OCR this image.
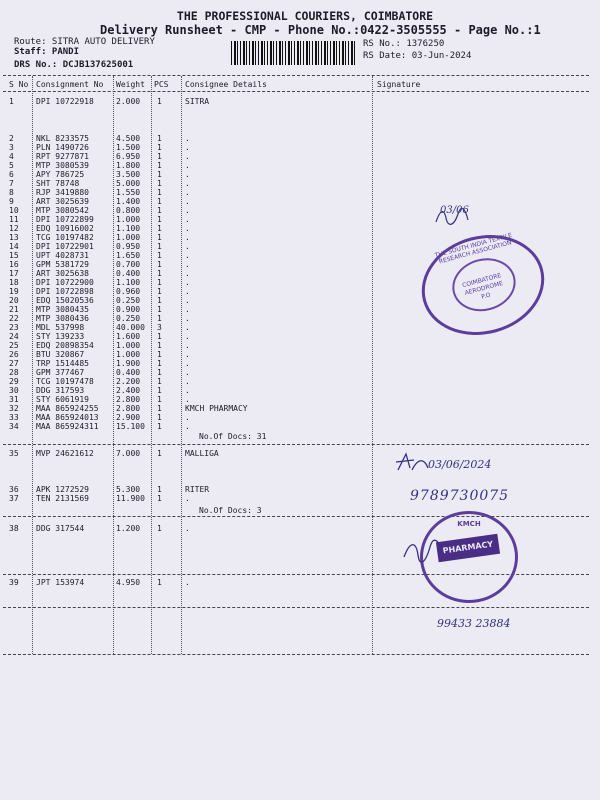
THE PROFESSIONAL COURIERS, COIMBATORE
Delivery Runsheet - CMP - Phone No.:0422-3505555 - Page No.:1
Route: SITRA AUTO DELIVERY
Staff: PANDI
DRS No.: DCJB137625001
RS No.: 1376250
RS Date: 03-Jun-2024
S No Consignment No Weight PCS Consignee Details	Signature
1	DPI 10722918	2.000 1	SITRA
2	NKL 8233575	4.500 1	.
3	PLN 1490726	1.500 1	.
4	RPT 9277871	6.950 1	.
5	MTP 3080539	1.800 1	.
6	APY 786725	3.500 1	.
7	SHT 78748	5.000 1	.
8	RJP 3419880	1.550 1	.
9	ART 3025639	1.400 1	.
10 MTP 3080542	0.800 1	.
11 DPI 10722899	1.000 1	.
12 EDQ 10916002	1.100 1	.
13 TCG 10197482	1.000 1	.
14 DPI 10722901	0.950 1	.
15 UPT 4028731	1.650 1	.
16 GPM 5381729	0.700 1	.
17 ART 3025638	0.400 1	.
18 DPI 10722900	1.100 1	.
19 DPI 10722898	0.960 1	.
20 EDQ 15020536	0.250 1	.
21 MTP 3080435	0.900 1	.
22 MTP 3080436	0.250 1	.
23 MDL 537998	40.000 3	.
24 STY 139233	1.600 1	.
25 EDQ 20898354	1.000 1	.
26 BTU 320867	1.000 1	.
27 TRP 1514485	1.900 1	.
28 GPM 377467	0.400 1	.
29 TCG 10197478	2.200 1	.
30 DDG 317593	2.400 1	.
31 STY 6061919	2.800 1	.
32 MAA 865924255 2.800 1	KMCH PHARMACY
33 MAA 865924013 2.900 1	.
34 MAA 865924311 15.100 1	.
35 MVP 24621612	7.000 1	MALLIGA
36 APK 1272529	5.300 1	RITER
37 TEN 2131569	11.900 1	.
38 DDG 317544	1.200 1	.
39 JPT 153974	4.950 1	.
No.Of Docs: 31
No.Of Docs: 3
03/06
THE SOUTH INDIA TEXTILE RESEARCH ASSOCIATION
COIMBATORE AERODROME P.O
03/06/2024
9789730075
KMCH
PHARMACY
99433 23884
